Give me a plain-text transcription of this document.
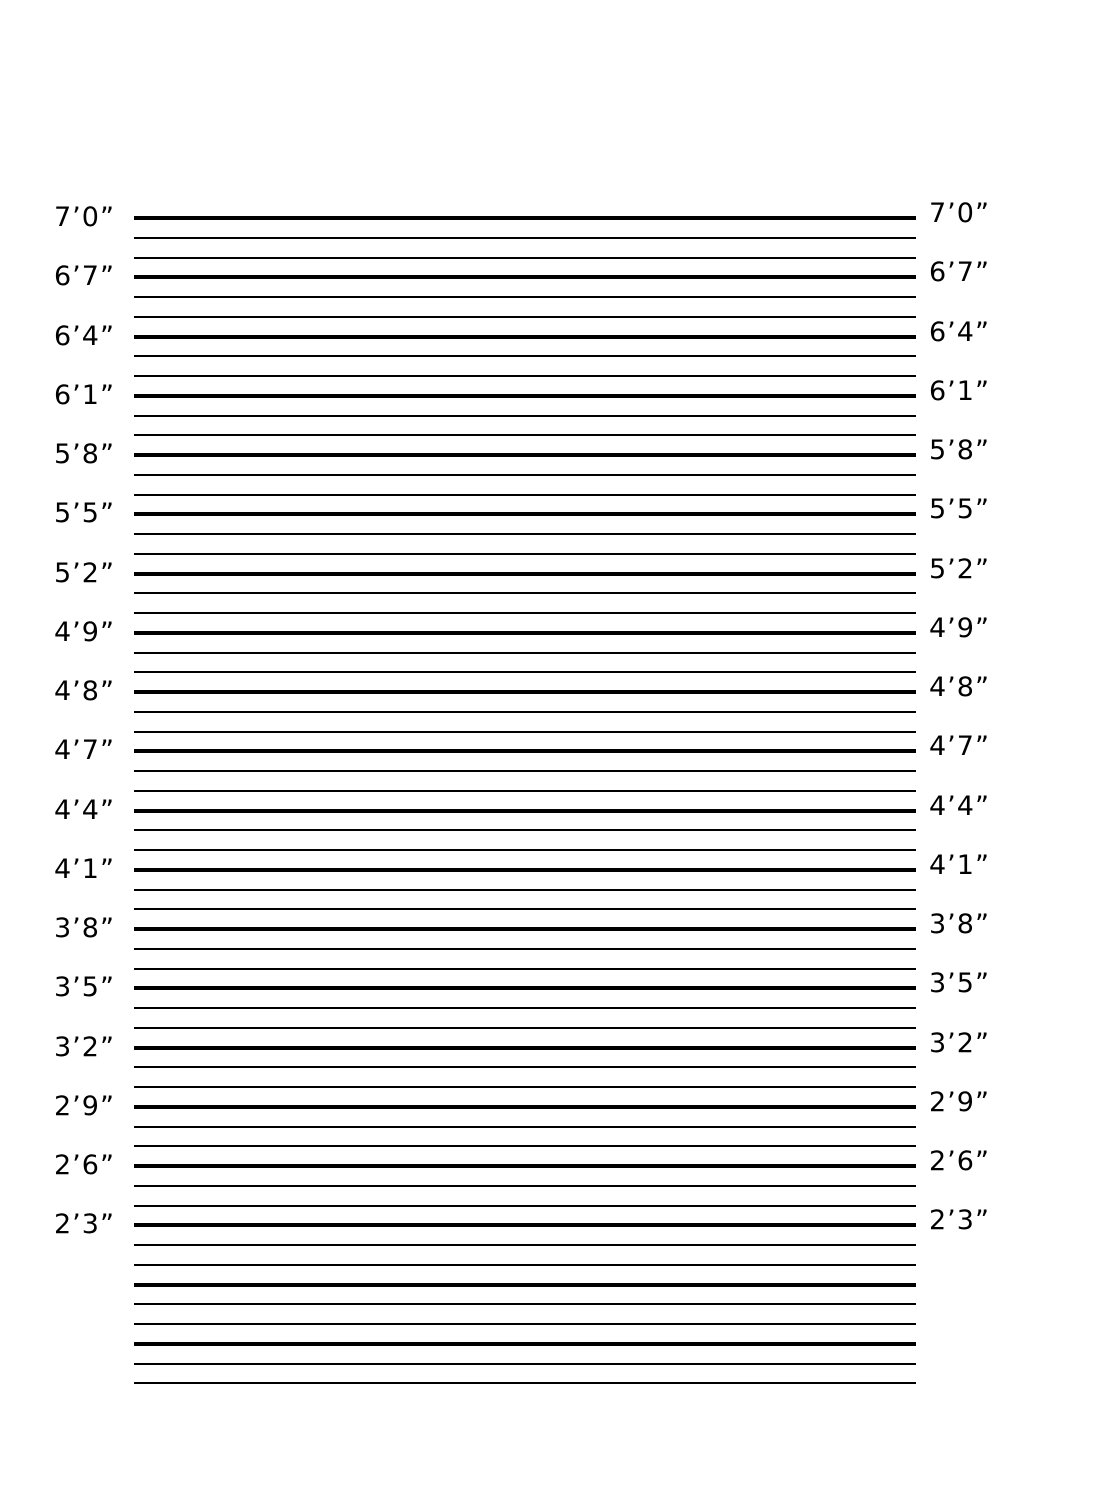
7’0”	7’0”
6’7”	6’7”
6’4”	6’4”
6’1”	6’1”
5’8”	5’8”
5’5”	5’5”
5’2”	5’2”
4’9”	4’9”
4’8”	4’8”
4’7”	4’7”
4’4”	4’4”
4’1”	4’1”
3’8”	3’8”
3’5”	3’5”
3’2”	3’2”
2’9”	2’9”
2’6”	2’6”
2’3”	2’3”
